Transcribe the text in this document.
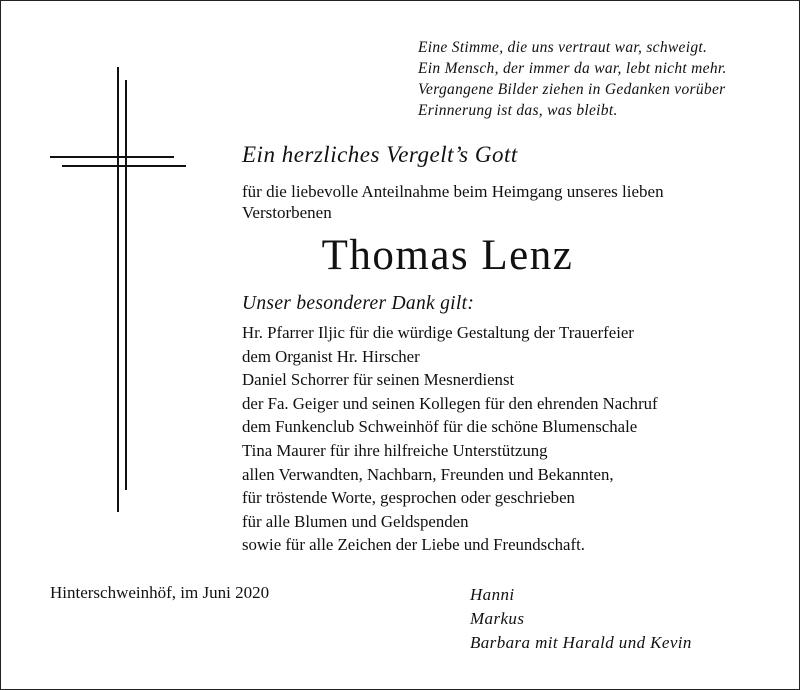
Eine Stimme, die uns vertraut war, schweigt.
Ein Mensch, der immer da war, lebt nicht mehr.
Vergangene Bilder ziehen in Gedanken vorüber
Erinnerung ist das, was bleibt.
Ein herzliches Vergelt’s Gott
für die liebevolle Anteilnahme beim Heimgang unseres lieben
Verstorbenen
Thomas Lenz
Unser besonderer Dank gilt:
Hr. Pfarrer Iljic für die würdige Gestaltung der Trauerfeier
dem Organist Hr. Hirscher
Daniel Schorrer für seinen Mesnerdienst
der Fa. Geiger und seinen Kollegen für den ehrenden Nachruf
dem Funkenclub Schweinhöf für die schöne Blumenschale
Tina Maurer für ihre hilfreiche Unterstützung
allen Verwandten, Nachbarn, Freunden und Bekannten,
für tröstende Worte, gesprochen oder geschrieben
für alle Blumen und Geldspenden
sowie für alle Zeichen der Liebe und Freundschaft.
Hinterschweinhöf, im Juni 2020	Hanni
Markus
Barbara mit Harald und Kevin
